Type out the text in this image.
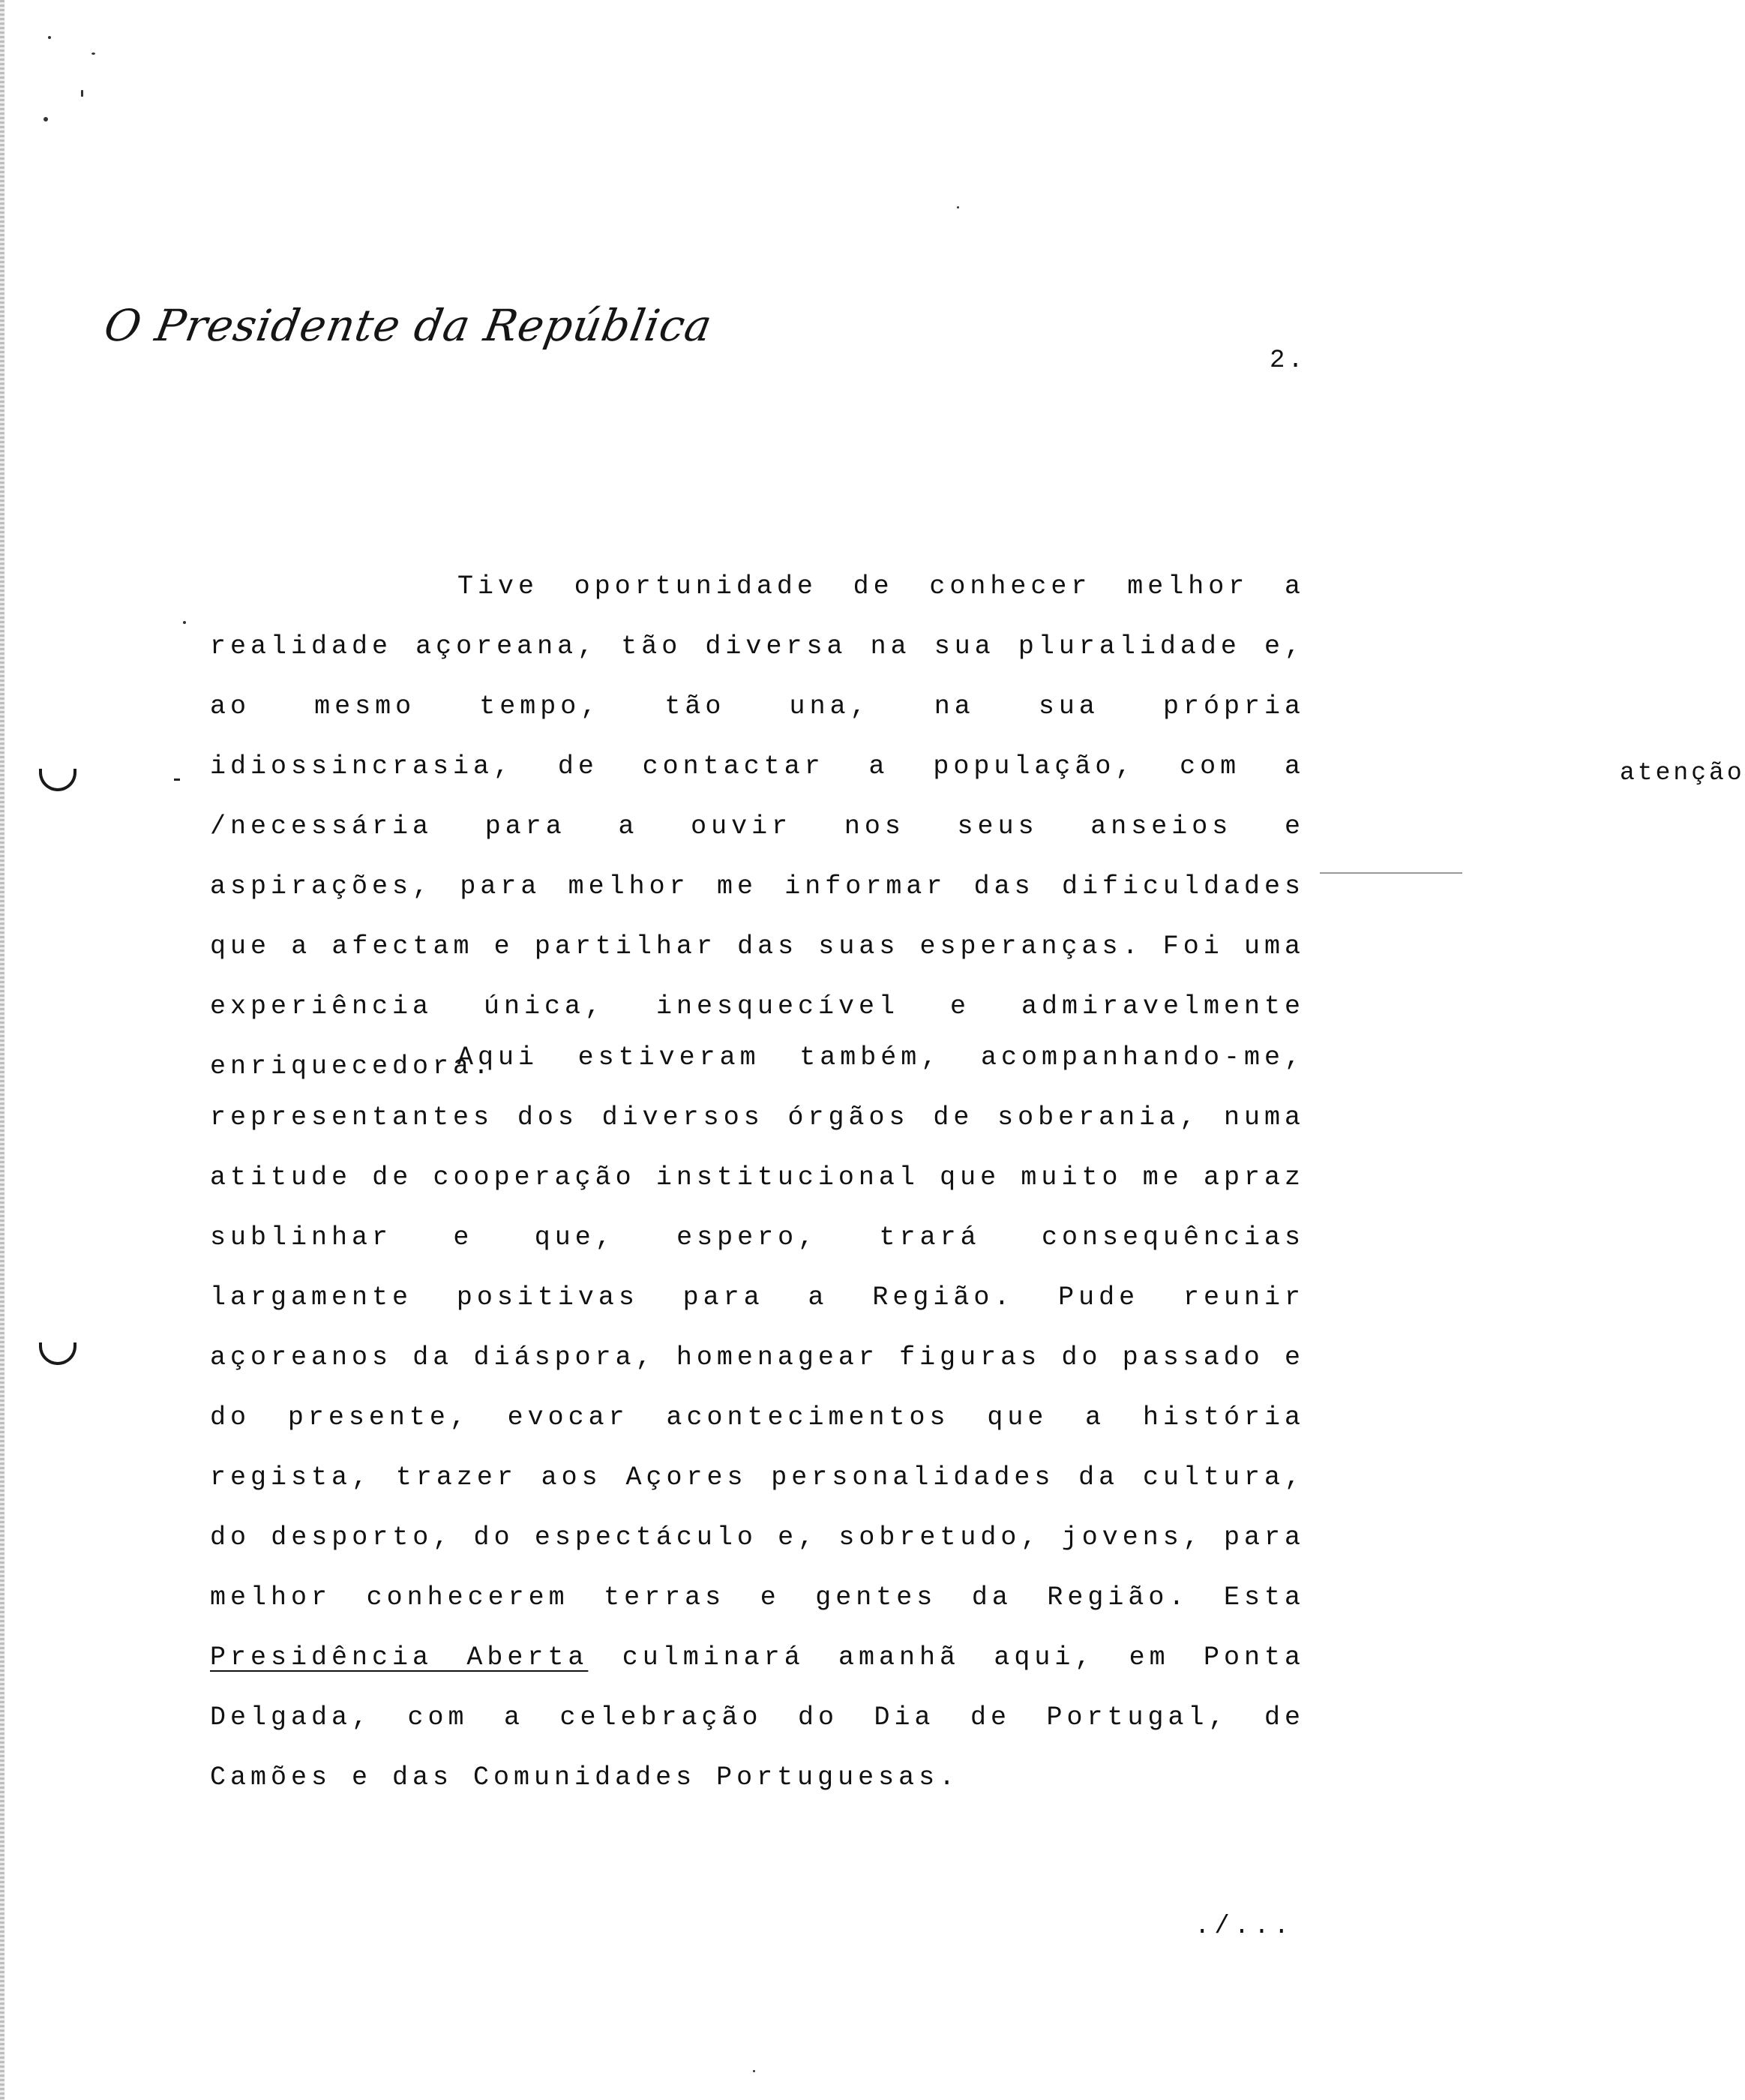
O Presidente da República
2.

Tive oportunidade de conhecer melhor a realidade açoreana, tão diversa na sua pluralidade e, ao mesmo tempo, tão una, na sua própria idiossincrasia, de contactar a população, com a	atenção
/necessária para a ouvir nos seus anseios e aspirações, para melhor me informar das dificuldades que a afectam e partilhar das suas esperanças. Foi uma experiência única, inesquecível e admiravelmente enriquecedora.

Aqui estiveram também, acompanhando-me, representantes dos diversos órgãos de soberania, numa atitude de cooperação institucional que muito me apraz sublinhar e que, espero, trará consequências largamente positivas para a Região. Pude reunir açoreanos da diáspora, homenagear figuras do passado e do presente, evocar acontecimentos que a história regista, trazer aos Açores personalidades da cultura, do desporto, do espectáculo e, sobretudo, jovens, para melhor conhecerem terras e gentes da Região. Esta Presidência Aberta culminará amanhã aqui, em Ponta Delgada, com a celebração do Dia de Portugal, de Camões e das Comunidades Portuguesas.

./...
